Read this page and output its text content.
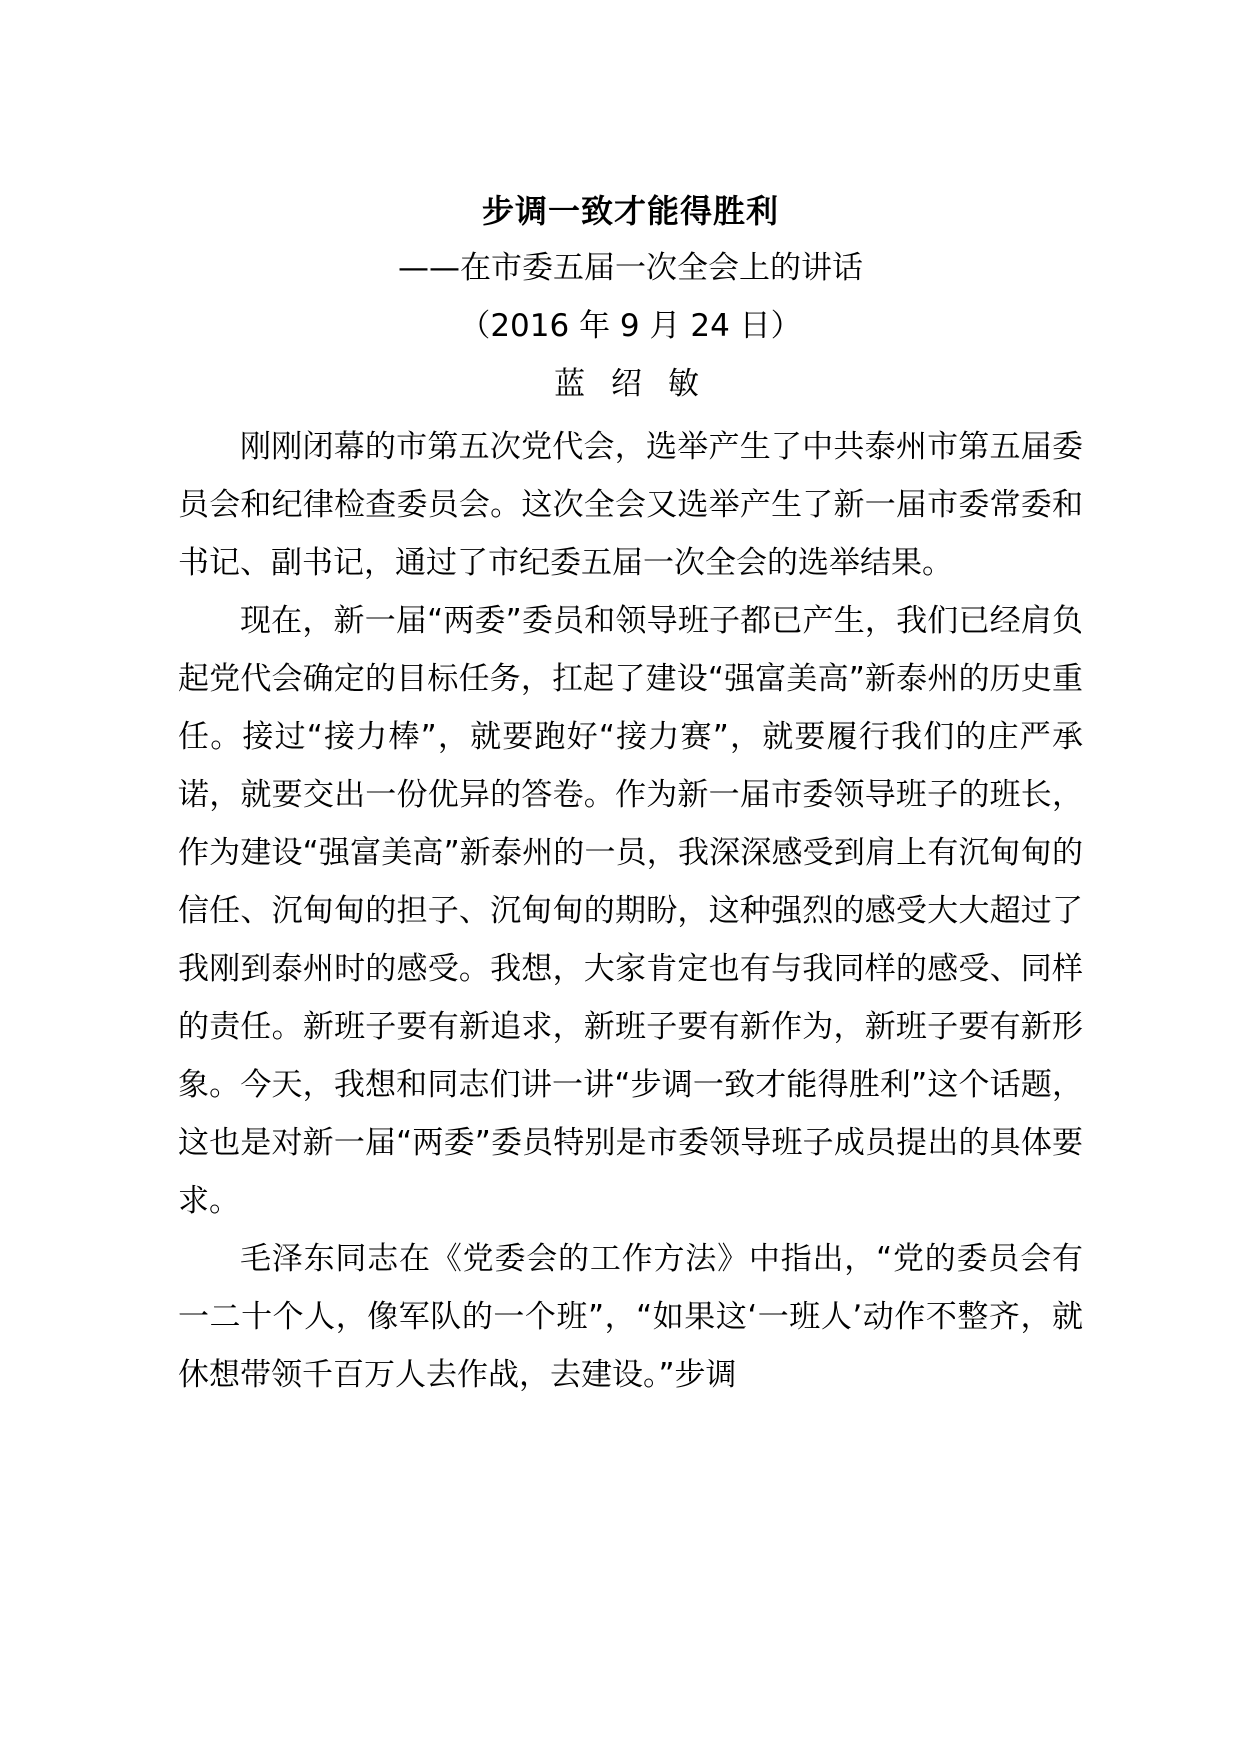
步调一致才能得胜利
——在市委五届一次全会上的讲话
（2016 年 9 月 24 日）
蓝 绍 敏

刚刚闭幕的市第五次党代会，选举产生了中共泰州市第五届委员会和纪律检查委员会。这次全会又选举产生了新一届市委常委和书记、副书记，通过了市纪委五届一次全会的选举结果。

现在，新一届“两委”委员和领导班子都已产生，我们已经肩负起党代会确定的目标任务，扛起了建设“强富美高”新泰州的历史重任。接过“接力棒”，就要跑好“接力赛”，就要履行我们的庄严承诺，就要交出一份优异的答卷。作为新一届市委领导班子的班长，作为建设“强富美高”新泰州的一员，我深深感受到肩上有沉甸甸的信任、沉甸甸的担子、沉甸甸的期盼，这种强烈的感受大大超过了我刚到泰州时的感受。我想，大家肯定也有与我同样的感受、同样的责任。新班子要有新追求，新班子要有新作为，新班子要有新形象。今天，我想和同志们讲一讲“步调一致才能得胜利”这个话题，这也是对新一届“两委”委员特别是市委领导班子成员提出的具体要求。

毛泽东同志在《党委会的工作方法》中指出，“党的委员会有一二十个人，像军队的一个班”，“如果这‘一班人’动作不整齐，就休想带领千百万人去作战，去建设。”步调
